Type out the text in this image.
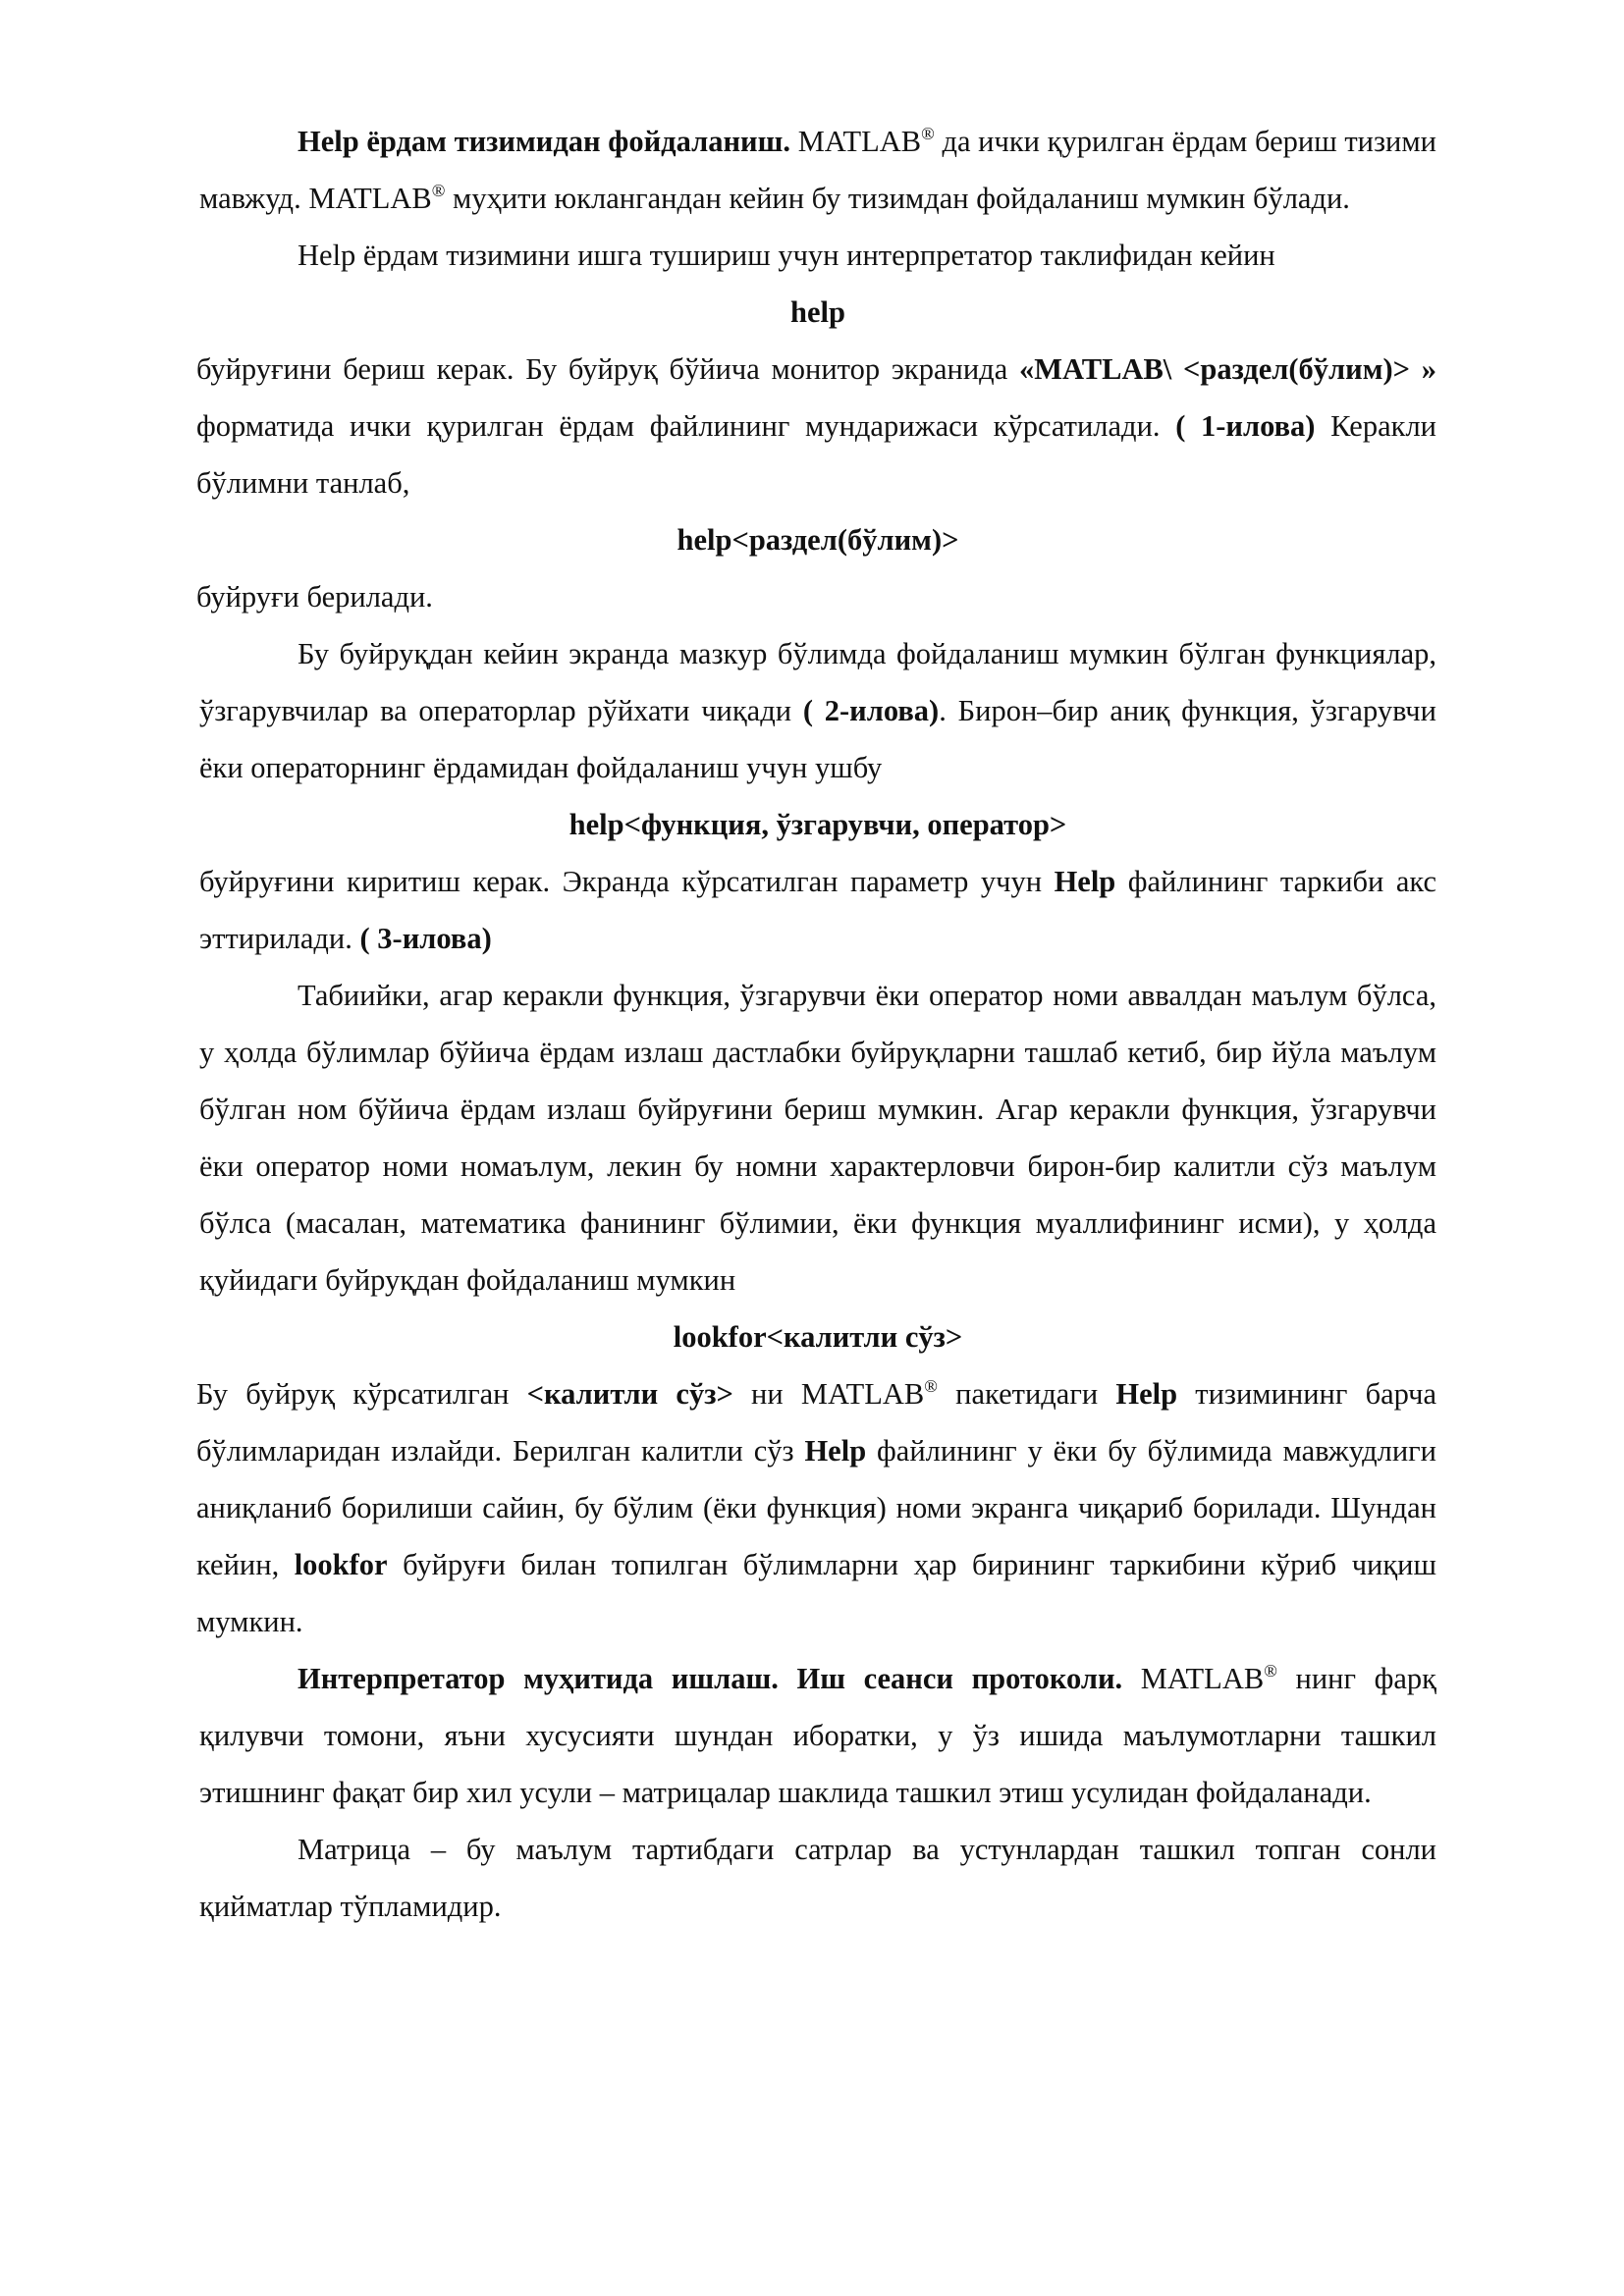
Help ёрдам тизимидан фойдаланиш. MATLAB® да ички қурилган ёрдам бериш тизими мавжуд. MATLAB® муҳити юклангандан кейин бу тизимдан фойдаланиш мумкин бўлади.

Help ёрдам тизимини ишга тушириш учун интерпретатор таклифидан кейин

help

буйруғини бериш керак. Бу буйруқ бўйича монитор экранида «MATLAB\ <раздел(бўлим)> » форматида ички қурилган ёрдам файлининг мундарижаси кўрсатилади. ( 1-илова) Керакли бўлимни танлаб,

help<раздел(бўлим)>

буйруғи берилади.

Бу буйруқдан кейин экранда мазкур бўлимда фойдаланиш мумкин бўлган функциялар, ўзгарувчилар ва операторлар рўйхати чиқади ( 2-илова). Бирон–бир аниқ функция, ўзгарувчи ёки операторнинг ёрдамидан фойдаланиш учун ушбу

help<функция, ўзгарувчи, оператор>

буйруғини киритиш керак. Экранда кўрсатилган параметр учун Help файлининг таркиби акс эттирилади. ( 3-илова)

Табиийки, агар керакли функция, ўзгарувчи ёки оператор номи аввалдан маълум бўлса, у ҳолда бўлимлар бўйича ёрдам излаш дастлабки буйруқларни ташлаб кетиб, бир йўла маълум бўлган ном бўйича ёрдам излаш буйруғини бериш мумкин. Агар керакли функция, ўзгарувчи ёки оператор номи номаълум, лекин бу номни характерловчи бирон-бир калитли сўз маълум бўлса (масалан, математика фанининг бўлимии, ёки функция муаллифининг исми), у ҳолда қуйидаги буйруқдан фойдаланиш мумкин

lookfor<калитли сўз>

Бу буйруқ кўрсатилган <калитли сўз> ни MATLAB® пакетидаги Help тизимининг барча бўлимларидан излайди. Берилган калитли сўз Help файлининг у ёки бу бўлимида мавжудлиги аниқланиб борилиши сайин, бу бўлим (ёки функция) номи экранга чиқариб борилади. Шундан кейин, lookfor буйруғи билан топилган бўлимларни ҳар бирининг таркибини кўриб чиқиш мумкин.

Интерпретатор муҳитида ишлаш. Иш сеанси протоколи. MATLAB® нинг фарқ қилувчи томони, яъни хусусияти шундан иборатки, у ўз ишида маълумотларни ташкил этишнинг фақат бир хил усули – матрицалар шаклида ташкил этиш усулидан фойдаланади.

Матрица – бу маълум тартибдаги сатрлар ва устунлардан ташкил топган сонли қийматлар тўпламидир.
